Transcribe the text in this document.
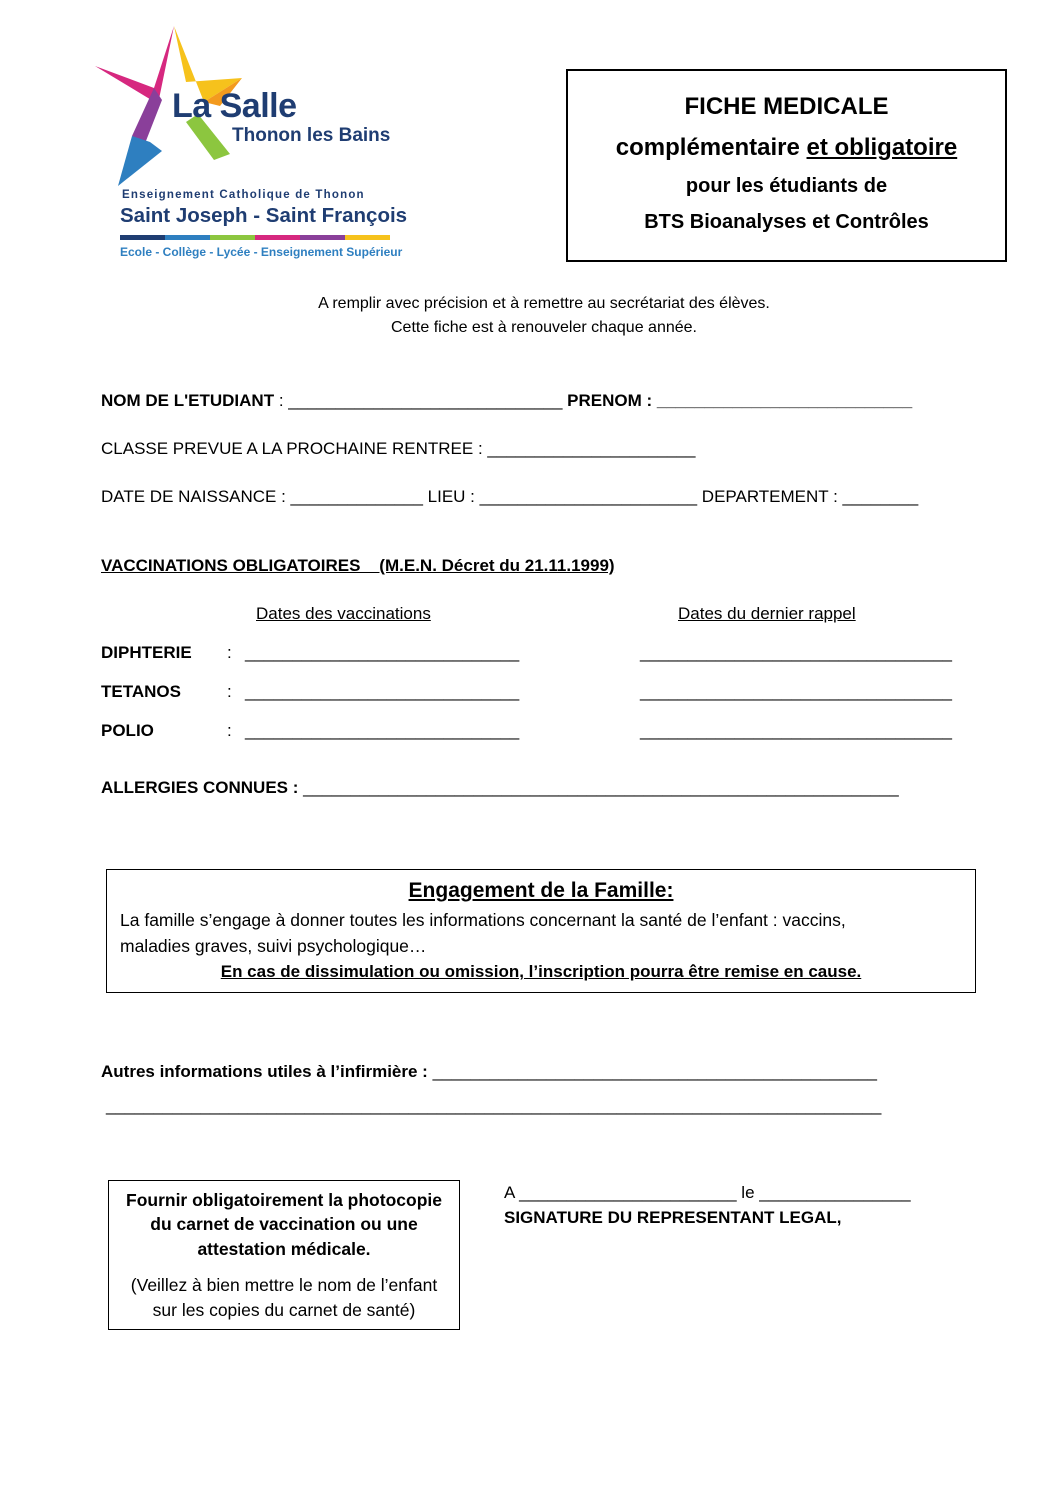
La Salle
Thonon les Bains
Enseignement Catholique de Thonon
Saint Joseph - Saint François
Ecole - Collège - Lycée - Enseignement Supérieur
FICHE MEDICALE
complémentaire et obligatoire
pour les étudiants de
BTS Bioanalyses et Contrôles
A remplir avec précision et à remettre au secrétariat des élèves.
Cette fiche est à renouveler chaque année.
NOM DE L'ETUDIANT : _____________________________ PRENOM : ___________________________
CLASSE PREVUE A LA PROCHAINE RENTREE : ______________________
DATE DE NAISSANCE : ______________ LIEU : _______________________ DEPARTEMENT : ________
VACCINATIONS OBLIGATOIRES    (M.E.N. Décret du 21.11.1999)
Dates des vaccinations	Dates du dernier rappel
DIPHTERIE : _____________________________	_________________________________
TETANOS	: _____________________________	_________________________________
POLIO	: _____________________________	_________________________________
ALLERGIES CONNUES : _______________________________________________________________
Engagement de la Famille:
La famille s’engage à donner toutes les informations concernant la santé de l’enfant : vaccins,
maladies graves, suivi psychologique…
En cas de dissimulation ou omission, l’inscription pourra être remise en cause.
Autres informations utiles à l’infirmière : _______________________________________________
__________________________________________________________________________________
Fournir obligatoirement la photocopie
du carnet de vaccination ou une
attestation médicale.
(Veillez à bien mettre le nom de l’enfant
sur les copies du carnet de santé)
A _______________________ le ________________
SIGNATURE DU REPRESENTANT LEGAL,
